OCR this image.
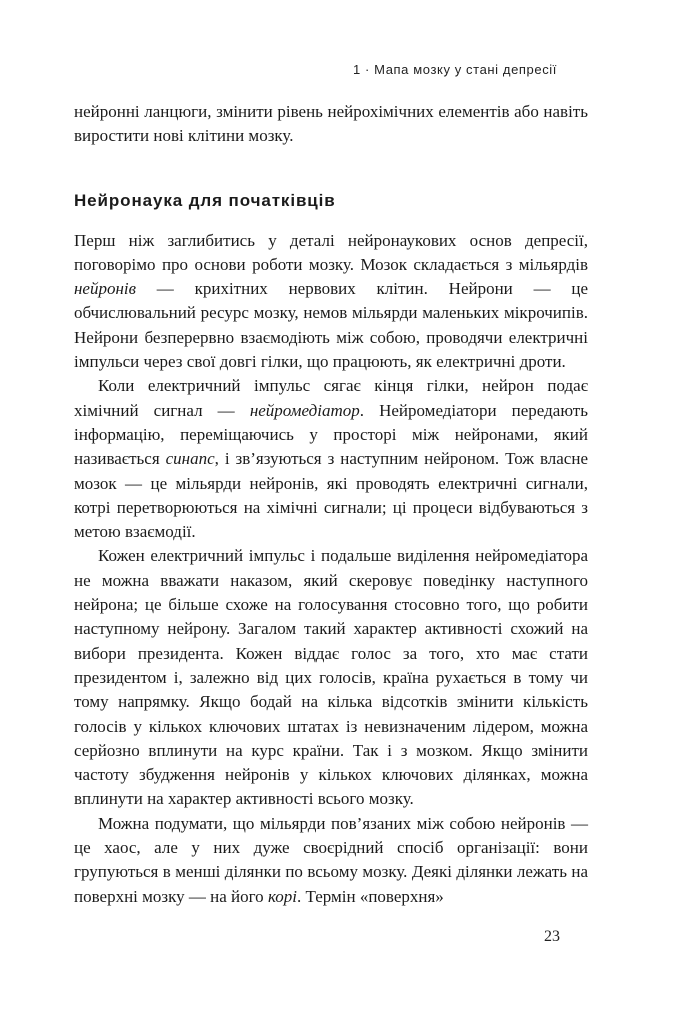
1 · Мапа мозку у стані депресії

нейронні ланцюги, змінити рівень нейрохімічних елементів або навіть виростити нові клітини мозку.

Нейронаука для початківців

Перш ніж заглибитись у деталі нейронаукових основ депресії, поговорімо про основи роботи мозку. Мозок складається з мільярдів нейронів — крихітних нервових клітин. Нейрони — це обчислювальний ресурс мозку, немов мільярди маленьких мікрочипів. Нейрони безперервно взаємодіють між собою, проводячи електричні імпульси через свої довгі гілки, що працюють, як електричні дроти.

Коли електричний імпульс сягає кінця гілки, нейрон подає хімічний сигнал — нейромедіатор. Нейромедіатори передають інформацію, переміщаючись у просторі між нейронами, який називається синапс, і зв’язуються з наступним нейроном. Тож власне мозок — це мільярди нейронів, які проводять електричні сигнали, котрі перетворюються на хімічні сигнали; ці процеси відбуваються з метою взаємодії.

Кожен електричний імпульс і подальше виділення нейромедіатора не можна вважати наказом, який скеровує поведінку наступного нейрона; це більше схоже на голосування стосовно того, що робити наступному нейрону. Загалом такий характер активності схожий на вибори президента. Кожен віддає голос за того, хто має стати президентом і, залежно від цих голосів, країна рухається в тому чи тому напрямку. Якщо бодай на кілька відсотків змінити кількість голосів у кількох ключових штатах із невизначеним лідером, можна серйозно вплинути на курс країни. Так і з мозком. Якщо змінити частоту збудження нейронів у кількох ключових ділянках, можна вплинути на характер активності всього мозку.

Можна подумати, що мільярди пов’язаних між собою нейронів — це хаос, але у них дуже своєрідний спосіб організації: вони групуються в менші ділянки по всьому мозку. Деякі ділянки лежать на поверхні мозку — на його корі. Термін «поверхня»

23
